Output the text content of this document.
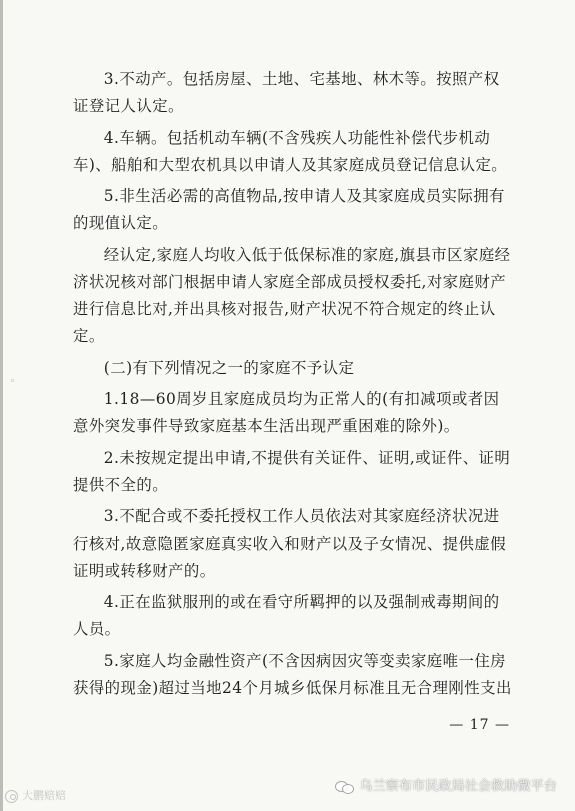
◦

3.不动产。包括房屋、土地、宅基地、林木等。按照产权证登记人认定。

4.车辆。包括机动车辆(不含残疾人功能性补偿代步机动车)、船舶和大型农机具以申请人及其家庭成员登记信息认定。

5.非生活必需的高值物品,按申请人及其家庭成员实际拥有的现值认定。

经认定,家庭人均收入低于低保标准的家庭,旗县市区家庭经济状况核对部门根据申请人家庭全部成员授权委托,对家庭财产进行信息比对,并出具核对报告,财产状况不符合规定的终止认定。

(二)有下列情况之一的家庭不予认定

1.18—60周岁且家庭成员均为正常人的(有扣减项或者因意外突发事件导致家庭基本生活出现严重困难的除外)。

2.未按规定提出申请,不提供有关证件、证明,或证件、证明提供不全的。

3.不配合或不委托授权工作人员依法对其家庭经济状况进行核对,故意隐匿家庭真实收入和财产以及子女情况、提供虚假证明或转移财产的。

4.正在监狱服刑的或在看守所羁押的以及强制戒毒期间的人员。

5.家庭人均金融性资产(不含因病因灾等变卖家庭唯一住房获得的现金)超过当地24个月城乡低保月标准且无合理刚性支出

— 17 —
大鹏赔赔
乌兰察布市民政局社会救助微平台
